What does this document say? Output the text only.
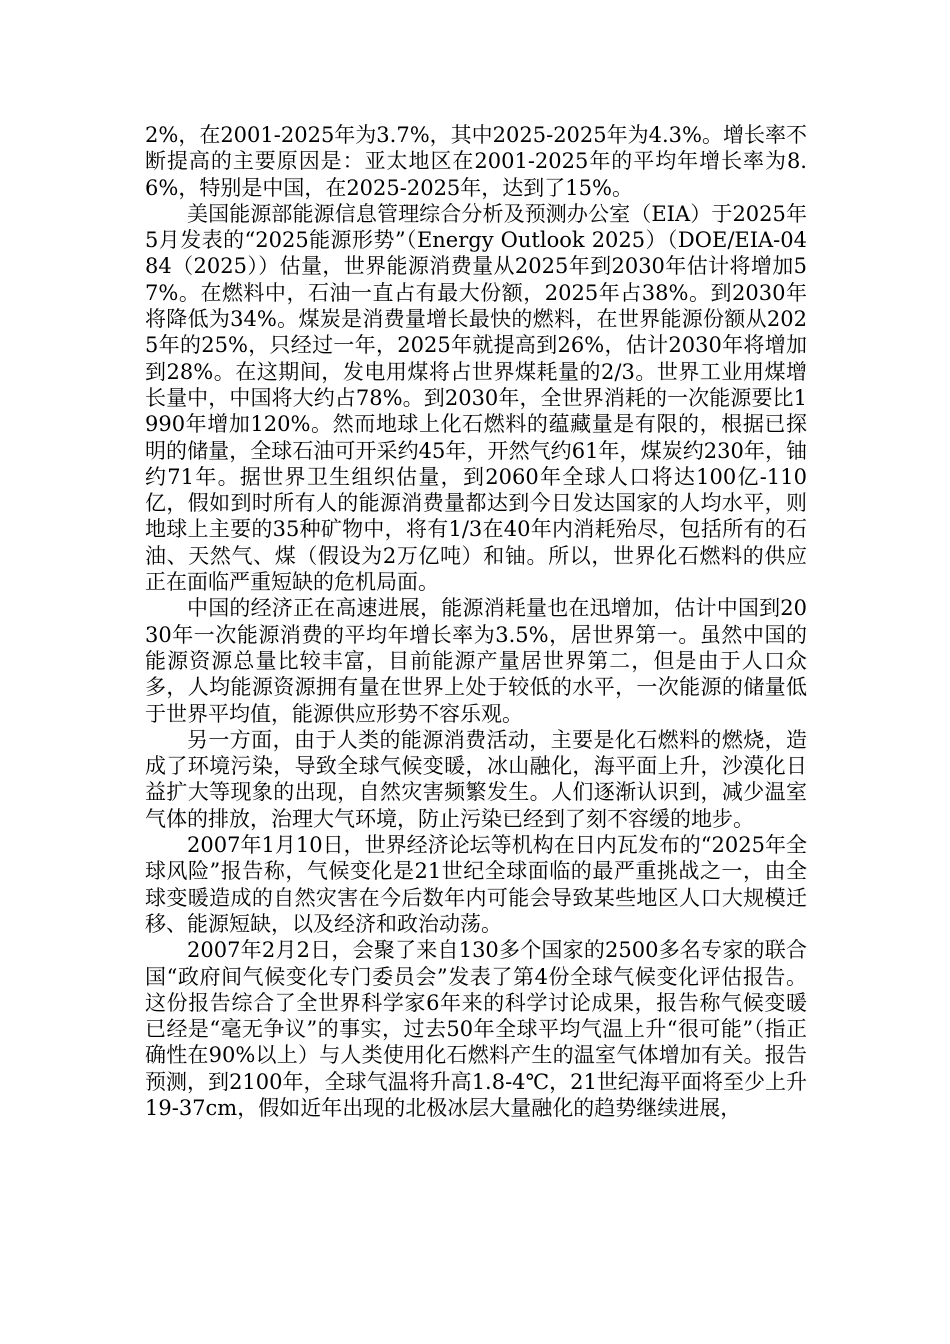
2%，在2001-2025年为3.7%，其中2025-2025年为4.3%。增长率不断提高的主要原因是：亚太地区在2001-2025年的平均年增长率为8.6%，特别是中国，在2025-2025年，达到了15%。

美国能源部能源信息管理综合分析及预测办公室（EIA）于2025年5月发表的“2025能源形势”（Energy Outlook 2025）（DOE/EIA-0484（2025））估量，世界能源消费量从2025年到2030年估计将增加57%。在燃料中，石油一直占有最大份额，2025年占38%。到2030年将降低为34%。煤炭是消费量增长最快的燃料，在世界能源份额从2025年的25%，只经过一年，2025年就提高到26%，估计2030年将增加到28%。在这期间，发电用煤将占世界煤耗量的2/3。世界工业用煤增长量中，中国将大约占78%。到2030年，全世界消耗的一次能源要比1990年增加120%。然而地球上化石燃料的蕴藏量是有限的，根据已探明的储量，全球石油可开采约45年，开然气约61年，煤炭约230年，铀约71年。据世界卫生组织估量，到2060年全球人口将达100亿-110亿，假如到时所有人的能源消费量都达到今日发达国家的人均水平，则地球上主要的35种矿物中，将有1/3在40年内消耗殆尽，包括所有的石油、天然气、煤（假设为2万亿吨）和铀。所以，世界化石燃料的供应正在面临严重短缺的危机局面。

中国的经济正在高速进展，能源消耗量也在迅增加，估计中国到2030年一次能源消费的平均年增长率为3.5%，居世界第一。虽然中国的能源资源总量比较丰富，目前能源产量居世界第二，但是由于人口众多，人均能源资源拥有量在世界上处于较低的水平，一次能源的储量低于世界平均值，能源供应形势不容乐观。

另一方面，由于人类的能源消费活动，主要是化石燃料的燃烧，造成了环境污染，导致全球气候变暖，冰山融化，海平面上升，沙漠化日益扩大等现象的出现，自然灾害频繁发生。人们逐渐认识到，减少温室气体的排放，治理大气环境，防止污染已经到了刻不容缓的地步。

2007年1月10日，世界经济论坛等机构在日内瓦发布的“2025年全球风险”报告称，气候变化是21世纪全球面临的最严重挑战之一，由全球变暖造成的自然灾害在今后数年内可能会导致某些地区人口大规模迁移、能源短缺，以及经济和政治动荡。

2007年2月2日，会聚了来自130多个国家的2500多名专家的联合国“政府间气候变化专门委员会”发表了第4份全球气候变化评估报告。这份报告综合了全世界科学家6年来的科学讨论成果，报告称气候变暖已经是“毫无争议”的事实，过去50年全球平均气温上升“很可能”（指正确性在90%以上）与人类使用化石燃料产生的温室气体增加有关。报告预测，到2100年，全球气温将升高1.8-4℃，21世纪海平面将至少上升19-37cm，假如近年出现的北极冰层大量融化的趋势继续进展，
